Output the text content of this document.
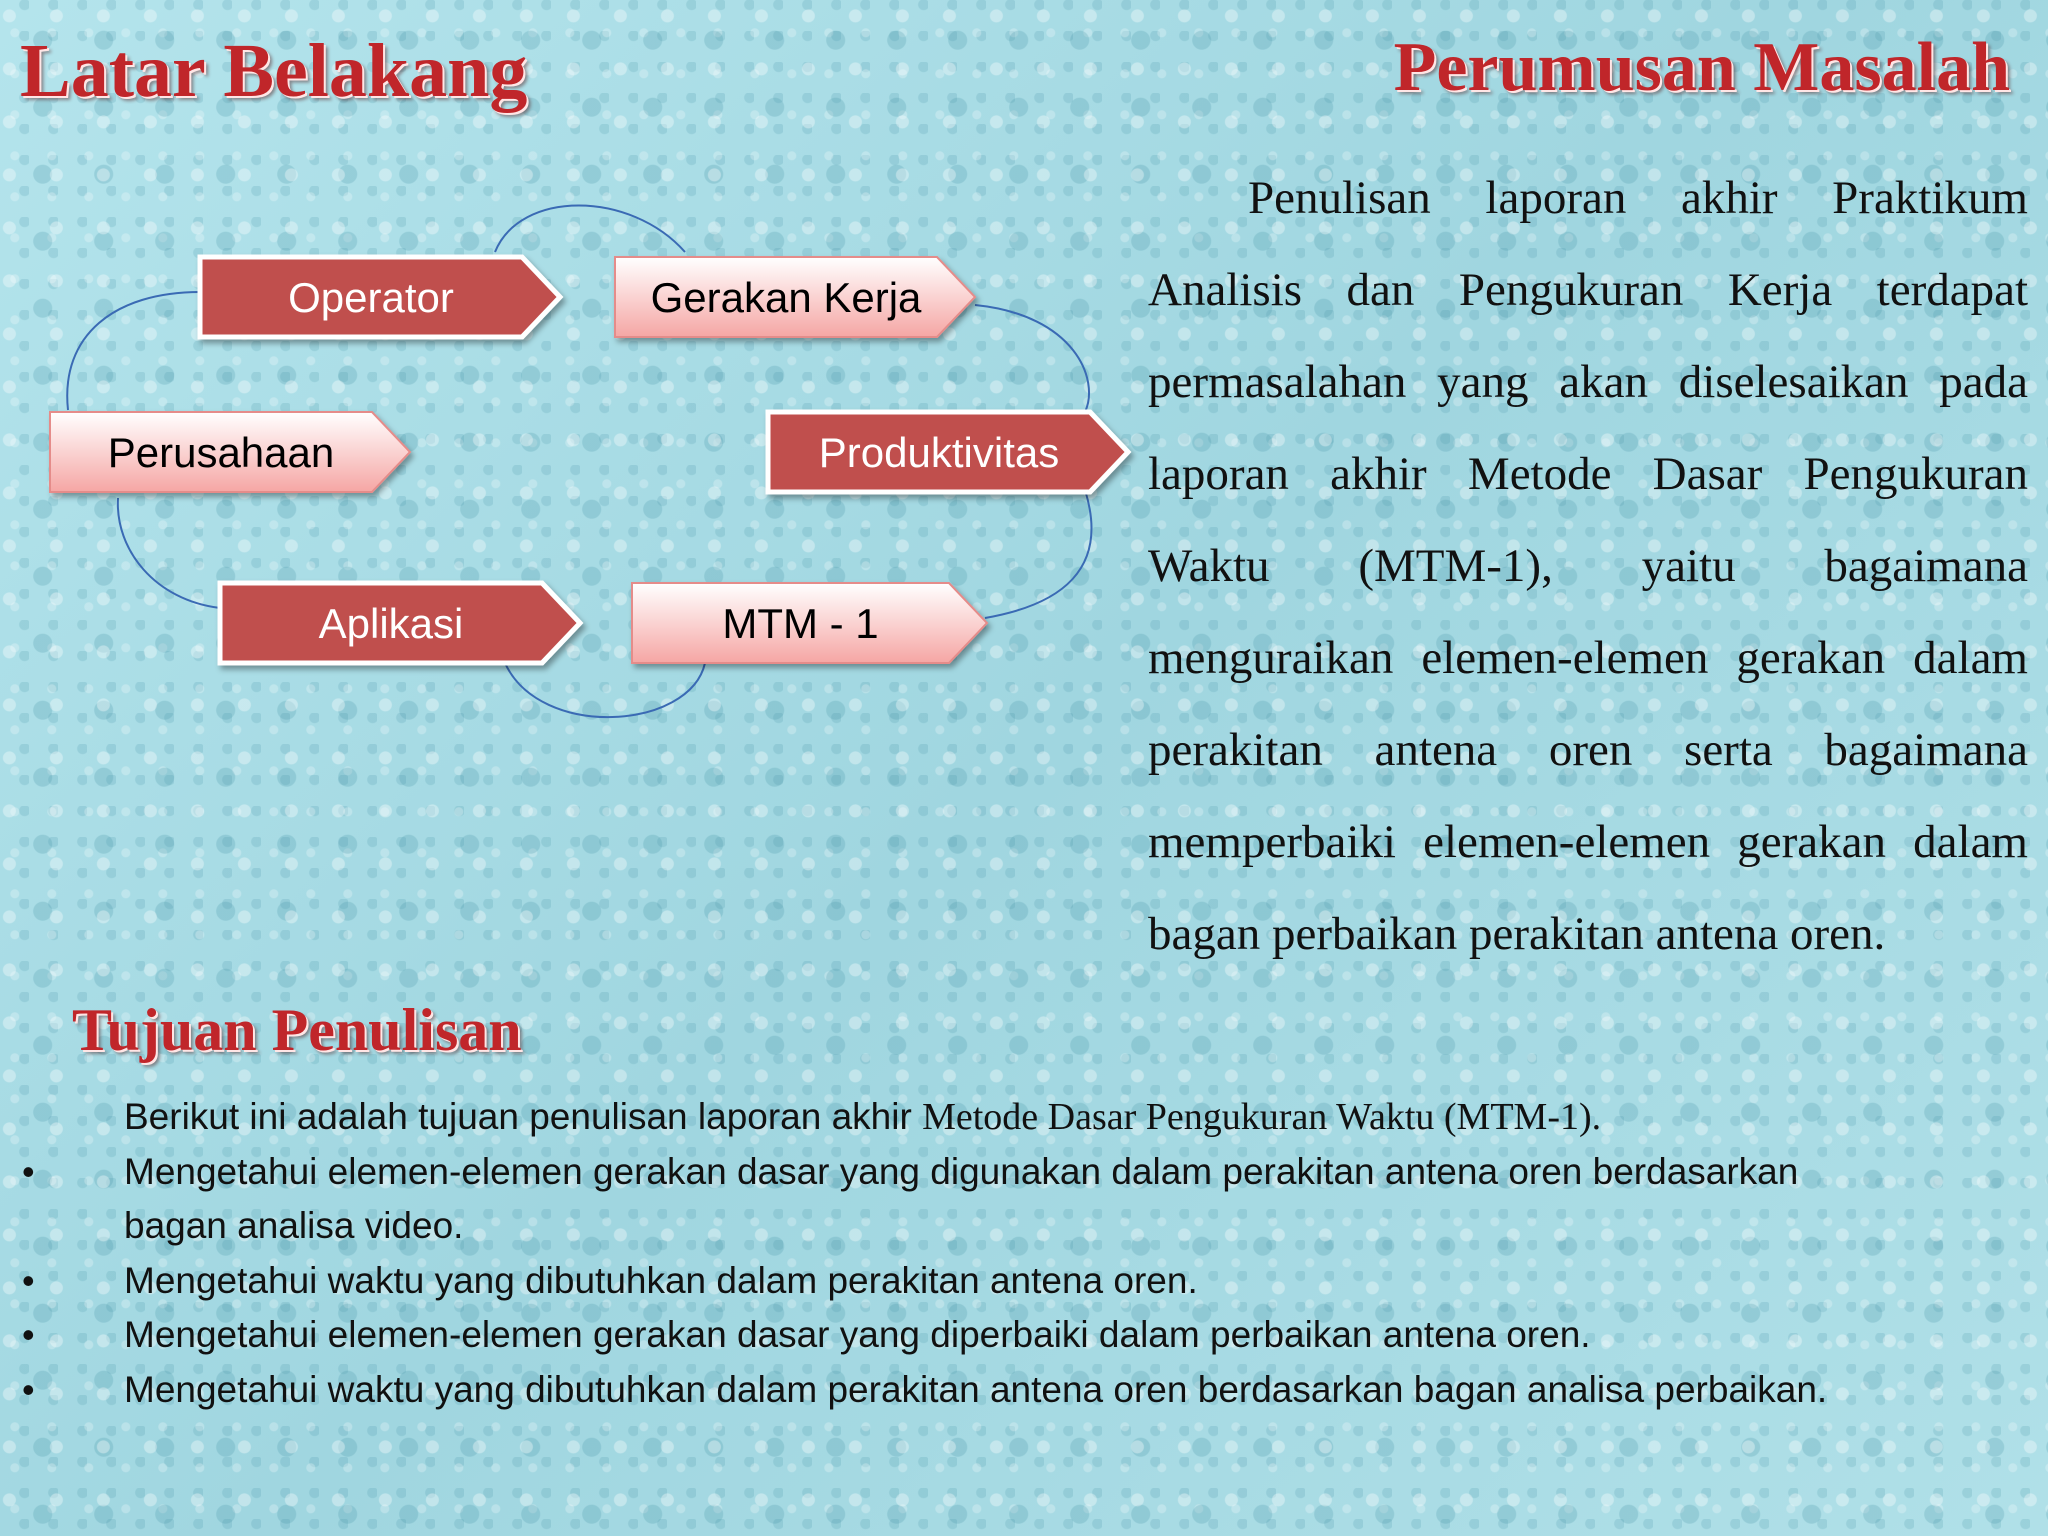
Latar Belakang	Perumusan Masalah
Operator	Gerakan Kerja
Perusahaan	Produktivitas
Aplikasi	MTM - 1

Penulisan laporan akhir Praktikum Analisis dan Pengukuran Kerja terdapat permasalahan yang akan diselesaikan pada laporan akhir Metode Dasar Pengukuran Waktu (MTM-1), yaitu bagaimana menguraikan elemen-elemen gerakan dalam perakitan antena oren serta bagaimana memperbaiki elemen-elemen gerakan dalam bagan perbaikan perakitan antena oren.

Tujuan Penulisan
Berikut ini adalah tujuan penulisan laporan akhir Metode Dasar Pengukuran Waktu (MTM-1).
• Mengetahui elemen-elemen gerakan dasar yang digunakan dalam perakitan antena oren berdasarkan bagan analisa video.
• Mengetahui waktu yang dibutuhkan dalam perakitan antena oren.
• Mengetahui elemen-elemen gerakan dasar yang diperbaiki dalam perbaikan antena oren.
• Mengetahui waktu yang dibutuhkan dalam perakitan antena oren berdasarkan bagan analisa perbaikan.
